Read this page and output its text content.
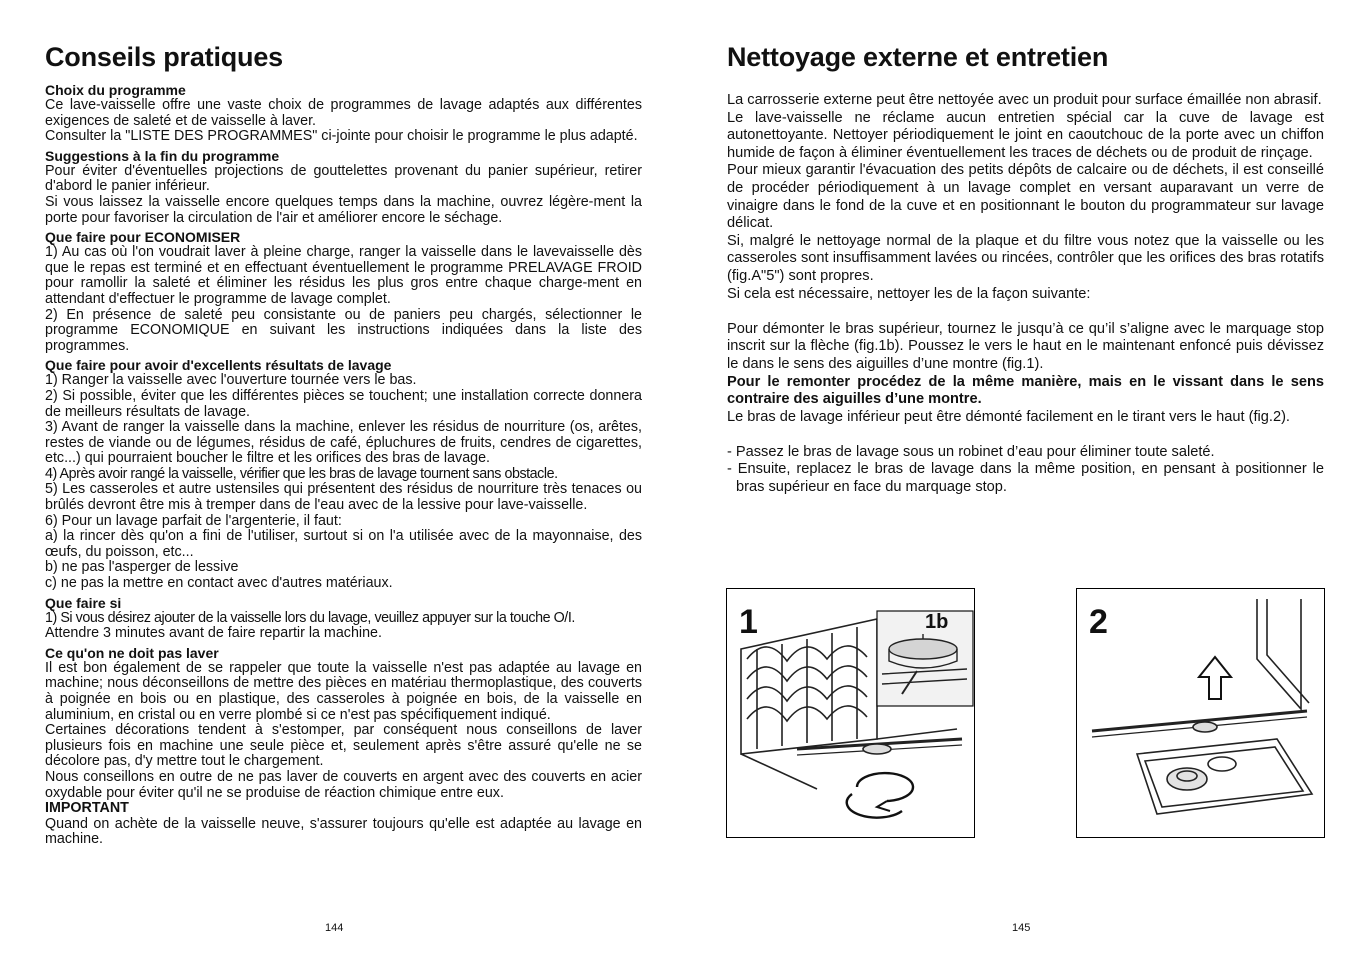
Conseils pratiques
Choix du programme

Ce lave-vaisselle offre une vaste choix de programmes de lavage adaptés aux différentes exigences de saleté et de vaisselle à laver.

Consulter la "LISTE DES PROGRAMMES" ci-jointe pour choisir le programme le plus adapté.

Suggestions à la fin du programme

Pour éviter d'éventuelles projections de gouttelettes provenant du panier supérieur, retirer d'abord le panier inférieur.

Si vous laissez la vaisselle encore quelques temps dans la machine, ouvrez légère-ment la porte pour favoriser la circulation de l'air et améliorer encore le séchage.

Que faire pour ECONOMISER

1) Au cas où l'on voudrait laver à pleine charge, ranger la vaisselle dans le lavevaisselle dès que le repas est terminé et en effectuant éventuellement le programme PRELAVAGE FROID pour ramollir la saleté et éliminer les résidus les plus gros entre chaque charge-ment en attendant d'effectuer le programme de lavage complet.

2) En présence de saleté peu consistante ou de paniers peu chargés, sélectionner le programme ECONOMIQUE en suivant les instructions indiquées dans la liste des programmes.

Que faire pour avoir d'excellents résultats de lavage

1) Ranger la vaisselle avec l'ouverture tournée vers le bas.

2) Si possible, éviter que les différentes pièces se touchent; une installation correcte donnera de meilleurs résultats de lavage.

3) Avant de ranger la vaisselle dans la machine, enlever les résidus de nourriture (os, arêtes, restes de viande ou de légumes, résidus de café, épluchures de fruits, cendres de cigarettes, etc...) qui pourraient boucher le filtre et les orifices des bras de lavage.

4) Après avoir rangé la vaisselle, vérifier que les bras de lavage tournent sans obstacle.

5) Les casseroles et autre ustensiles qui présentent des résidus de nourriture très tenaces ou brûlés devront être mis à tremper dans de l'eau avec de la lessive pour lave-vaisselle.

6) Pour un lavage parfait de l'argenterie, il faut:

a) la rincer dès qu'on a fini de l'utiliser, surtout si on l'a utilisée avec de la mayonnaise, des œufs, du poisson, etc...

b) ne pas l'asperger de lessive

c) ne pas la mettre en contact avec d'autres matériaux.

Que faire si

1) Si vous désirez ajouter de la vaisselle lors du lavage, veuillez appuyer sur la touche O/I.

Attendre 3 minutes avant de faire repartir la machine.

Ce qu'on ne doit pas laver

Il est bon également de se rappeler que toute la vaisselle n'est pas adaptée au lavage en machine; nous déconseillons de mettre des pièces en matériau thermoplastique, des couverts à poignée en bois ou en plastique, des casseroles à poignée en bois, de la vaisselle en aluminium, en cristal ou en verre plombé si ce n'est pas spécifiquement indiqué.

Certaines décorations tendent à s'estomper, par conséquent nous conseillons de laver plusieurs fois en machine une seule pièce et, seulement après s'être assuré qu'elle ne se décolore pas, d'y mettre tout le chargement.

Nous conseillons en outre de ne pas laver de couverts en argent avec des couverts en acier oxydable pour éviter qu'il ne se produise de réaction chimique entre eux.

IMPORTANT

Quand on achète de la vaisselle neuve, s'assurer toujours qu'elle est adaptée au lavage en machine.

144
Nettoyage externe et entretien

La carrosserie externe peut être nettoyée avec un produit pour surface émaillée non abrasif.

Le lave-vaisselle ne réclame aucun entretien spécial car la cuve de lavage est autonettoyante. Nettoyer périodiquement le joint en caoutchouc de la porte avec un chiffon humide de façon à éliminer éventuellement les traces de déchets ou de produit de rinçage.

Pour mieux garantir l'évacuation des petits dépôts de calcaire ou de déchets, il est conseillé de procéder périodiquement à un lavage complet en versant auparavant un verre de vinaigre dans le fond de la cuve et en positionnant le bouton du programmateur sur lavage délicat.

Si, malgré le nettoyage normal de la plaque et du filtre vous notez que la vaisselle ou les casseroles sont insuffisamment lavées ou rincées, contrôler que les orifices des bras rotatifs (fig.A"5") sont propres.

Si cela est nécessaire, nettoyer les de la façon suivante:

Pour démonter le bras supérieur, tournez le jusqu’à ce qu’il s’aligne avec le marquage stop inscrit sur la flèche (fig.1b). Poussez le vers le haut en le maintenant enfoncé puis dévissez le dans le sens des aiguilles d’une montre (fig.1).

Pour le remonter procédez de la même manière, mais en le vissant dans le sens contraire des aiguilles d’une montre.

Le bras de lavage inférieur peut être démonté facilement en le tirant vers le haut (fig.2).

- Passez le bras de lavage sous un robinet d’eau pour éliminer toute saleté.

- Ensuite, replacez le bras de lavage dans la même position, en pensant à positionner le bras supérieur en face du marquage stop.

1	1b	2
145
